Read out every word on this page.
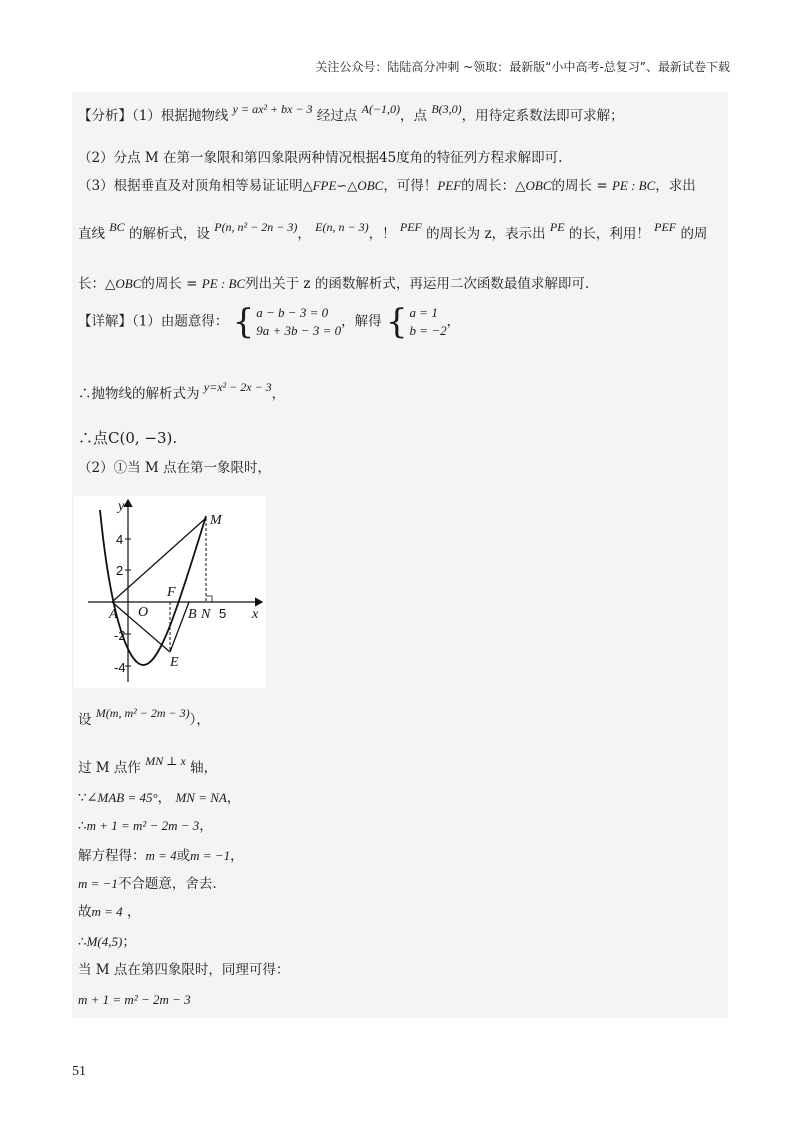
关注公众号：陆陆高分冲刺 ~领取：最新版“小中高考-总复习”、最新试卷下载
【分析】（1）根据抛物线 y = ax² + bx − 3 经过点 A(−1,0)，点 B(3,0)，用待定系数法即可求解；
（2）分点 M 在第一象限和第四象限两种情况根据45度角的特征列方程求解即可.
（3）根据垂直及对顶角相等易证证明△FPE∽△OBC，可得！PEF的周长：△OBC的周长 = PE : BC，求出
直线 BC 的解析式，设 P(n, n² − 2n − 3)， E(n, n − 3)，！ PEF 的周长为 z，表示出 PE 的长，利用！ PEF 的周
长：△OBC的周长 = PE : BC列出关于 z 的函数解析式，再运用二次函数最值求解即可.
【详解】（1）由题意得： { a − b − 3 = 0
9a + 3b − 3 = 0
，解得 { a = 1
b = −2
，
∴抛物线的解析式为 y=x² − 2x − 3，
∴点C(0, −3).
（2）①当 M 点在第一象限时，
设 M(m, m² − 2m − 3)），
过 M 点作 MN ⊥ x 轴，
∵∠MAB = 45°， MN = NA，
∴m + 1 = m² − 2m − 3，
解方程得：m = 4或m = −1，
m = −1不合题意，舍去.
故m = 4 ，
∴M(4,5)；
当 M 点在第四象限时，同理可得：
m + 1 = m² − 2m − 3
y
x
M
A O
F
B N
E
4
2
-2
-4
5
51
